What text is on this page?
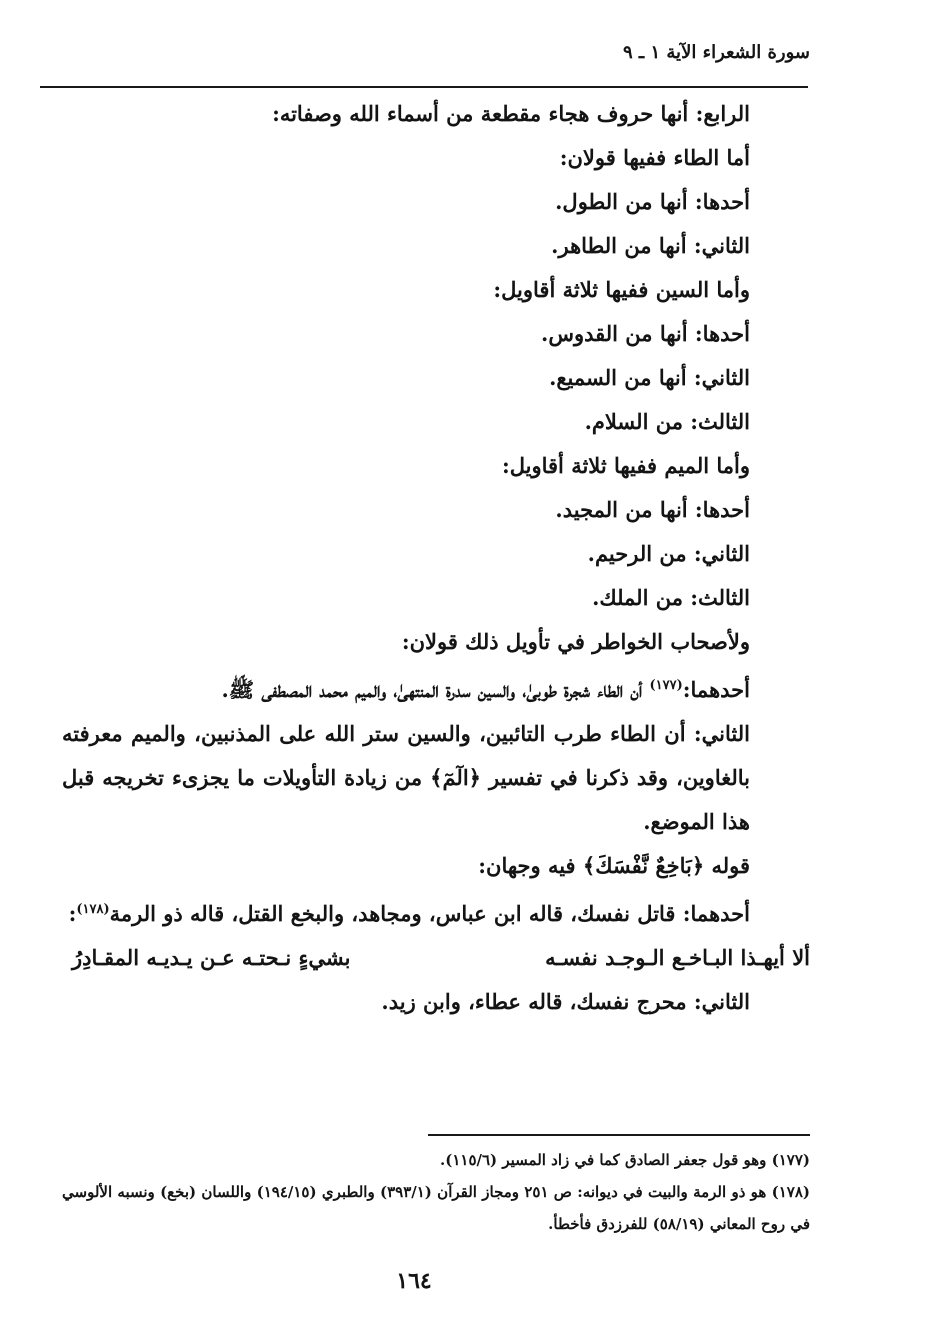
سورة الشعراء الآية ١ ـ ٩
الرابع: أنها حروف هجاء مقطعة من أسماء الله وصفاته:
أما الطاء ففيها قولان:
أحدها: أنها من الطول.
الثاني: أنها من الطاهر.
وأما السين ففيها ثلاثة أقاويل:
أحدها: أنها من القدوس.
الثاني: أنها من السميع.
الثالث: من السلام.
وأما الميم ففيها ثلاثة أقاويل:
أحدها: أنها من المجيد.
الثاني: من الرحيم.
الثالث: من الملك.
ولأصحاب الخواطر في تأويل ذلك قولان:
أحدهما:$^{(١٧٧)}$ أن الطاء شجرة طوبىٰ، والسين سدرة المنتهىٰ، والميم محمد المصطفى ﷺ.
الثاني: أن الطاء طرب التائبين، والسين ستر الله على المذنبين، والميم معرفته بالغاوين، وقد ذكرنا في تفسير ﴿الٓمٓ﴾ من زيادة التأويلات ما يجزىء تخريجه قبل هذا الموضع.
قوله ﴿بَاخِعٌ نَّفْسَكَ﴾ فيه وجهان:
أحدهما: قاتل نفسك، قاله ابن عباس، ومجاهد، والبخع القتل، قاله ذو الرمة$^{(١٧٨)}$:
ألا أيهـذا البـاخـع الـوجـد نفسـه
بشيءٍ نـحتـه عـن يـديـه المقـادِرُ
الثاني: محرج نفسك، قاله عطاء، وابن زيد.
(١٧٧) وهو قول جعفر الصادق كما في زاد المسير (١١٥/٦).
(١٧٨) هو ذو الرمة والبيت في ديوانه: ص ٢٥١ ومجاز القرآن (٣٩٣/١) والطبري (١٩٤/١٥) واللسان (بخع) ونسبه الألوسي في روح المعاني (٥٨/١٩) للفرزدق فأخطأ.
١٦٤
